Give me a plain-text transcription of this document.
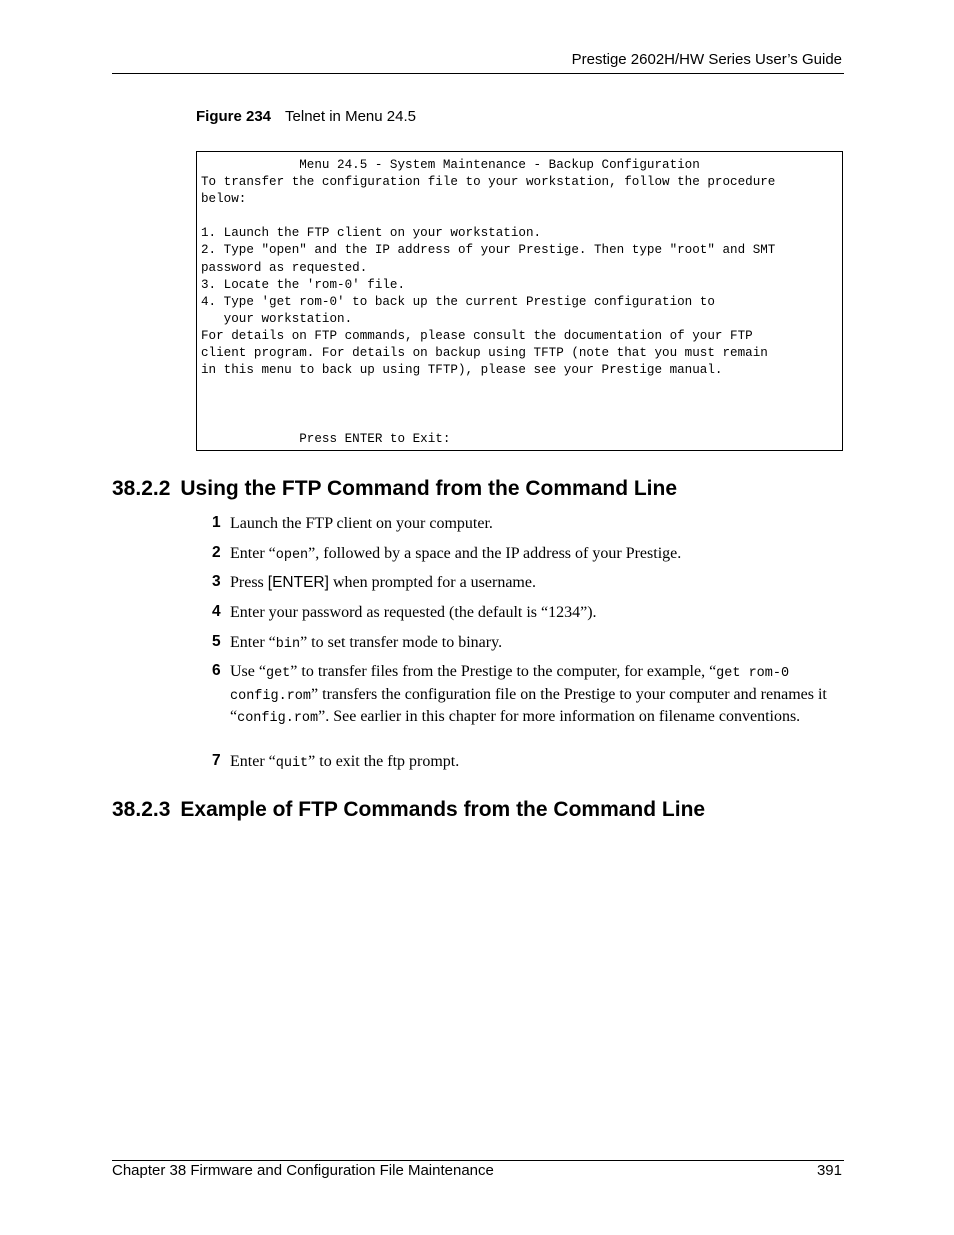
Prestige 2602H/HW Series User’s Guide
Figure 234 Telnet in Menu 24.5
Menu 24.5 - System Maintenance - Backup Configuration
To transfer the configuration file to your workstation, follow the procedure
below:

1. Launch the FTP client on your workstation.
2. Type "open" and the IP address of your Prestige. Then type "root" and SMT
password as requested.
3. Locate the 'rom-0' file.
4. Type 'get rom-0' to back up the current Prestige configuration to
your workstation.
For details on FTP commands, please consult the documentation of your FTP
client program. For details on backup using TFTP (note that you must remain
in this menu to back up using TFTP), please see your Prestige manual.

Press ENTER to Exit:
38.2.2 Using the FTP Command from the Command Line
1 Launch the FTP client on your computer.
2 Enter “open”, followed by a space and the IP address of your Prestige.
3 Press [ENTER] when prompted for a username.
4 Enter your password as requested (the default is “1234”).
5 Enter “bin” to set transfer mode to binary.
6 Use “get” to transfer files from the Prestige to the computer, for example, “get rom-0 config.rom” transfers the configuration file on the Prestige to your computer and renames it “config.rom”. See earlier in this chapter for more information on filename conventions.
7 Enter “quit” to exit the ftp prompt.
38.2.3 Example of FTP Commands from the Command Line
Chapter 38 Firmware and Configuration File Maintenance	391
